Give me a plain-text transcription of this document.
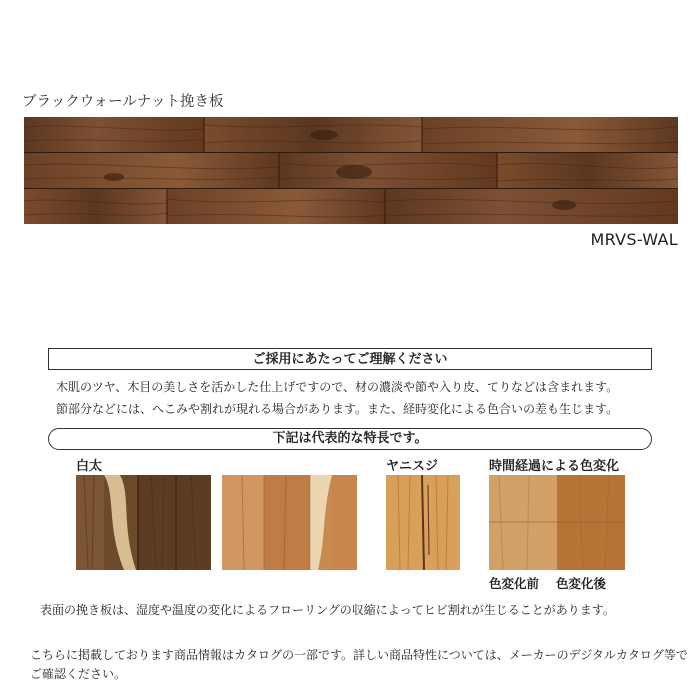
ブラックウォールナット挽き板
MRVS-WAL
ご採用にあたってご理解ください
木肌のツヤ、木目の美しさを活かした仕上げですので、材の濃淡や節や入り皮、てりなどは含まれます。
節部分などには、へこみや割れが現れる場合があります。また、経時変化による色合いの差も生じます。
下記は代表的な特長です。
白太	ヤニスジ	時間経過による色変化
色変化前 色変化後
表面の挽き板は、湿度や温度の変化によるフローリングの収縮によってヒビ割れが生じることがあります。
こちらに掲載しております商品情報はカタログの一部です。詳しい商品特性については、メーカーのデジタルカタログ等でご確認ください。
